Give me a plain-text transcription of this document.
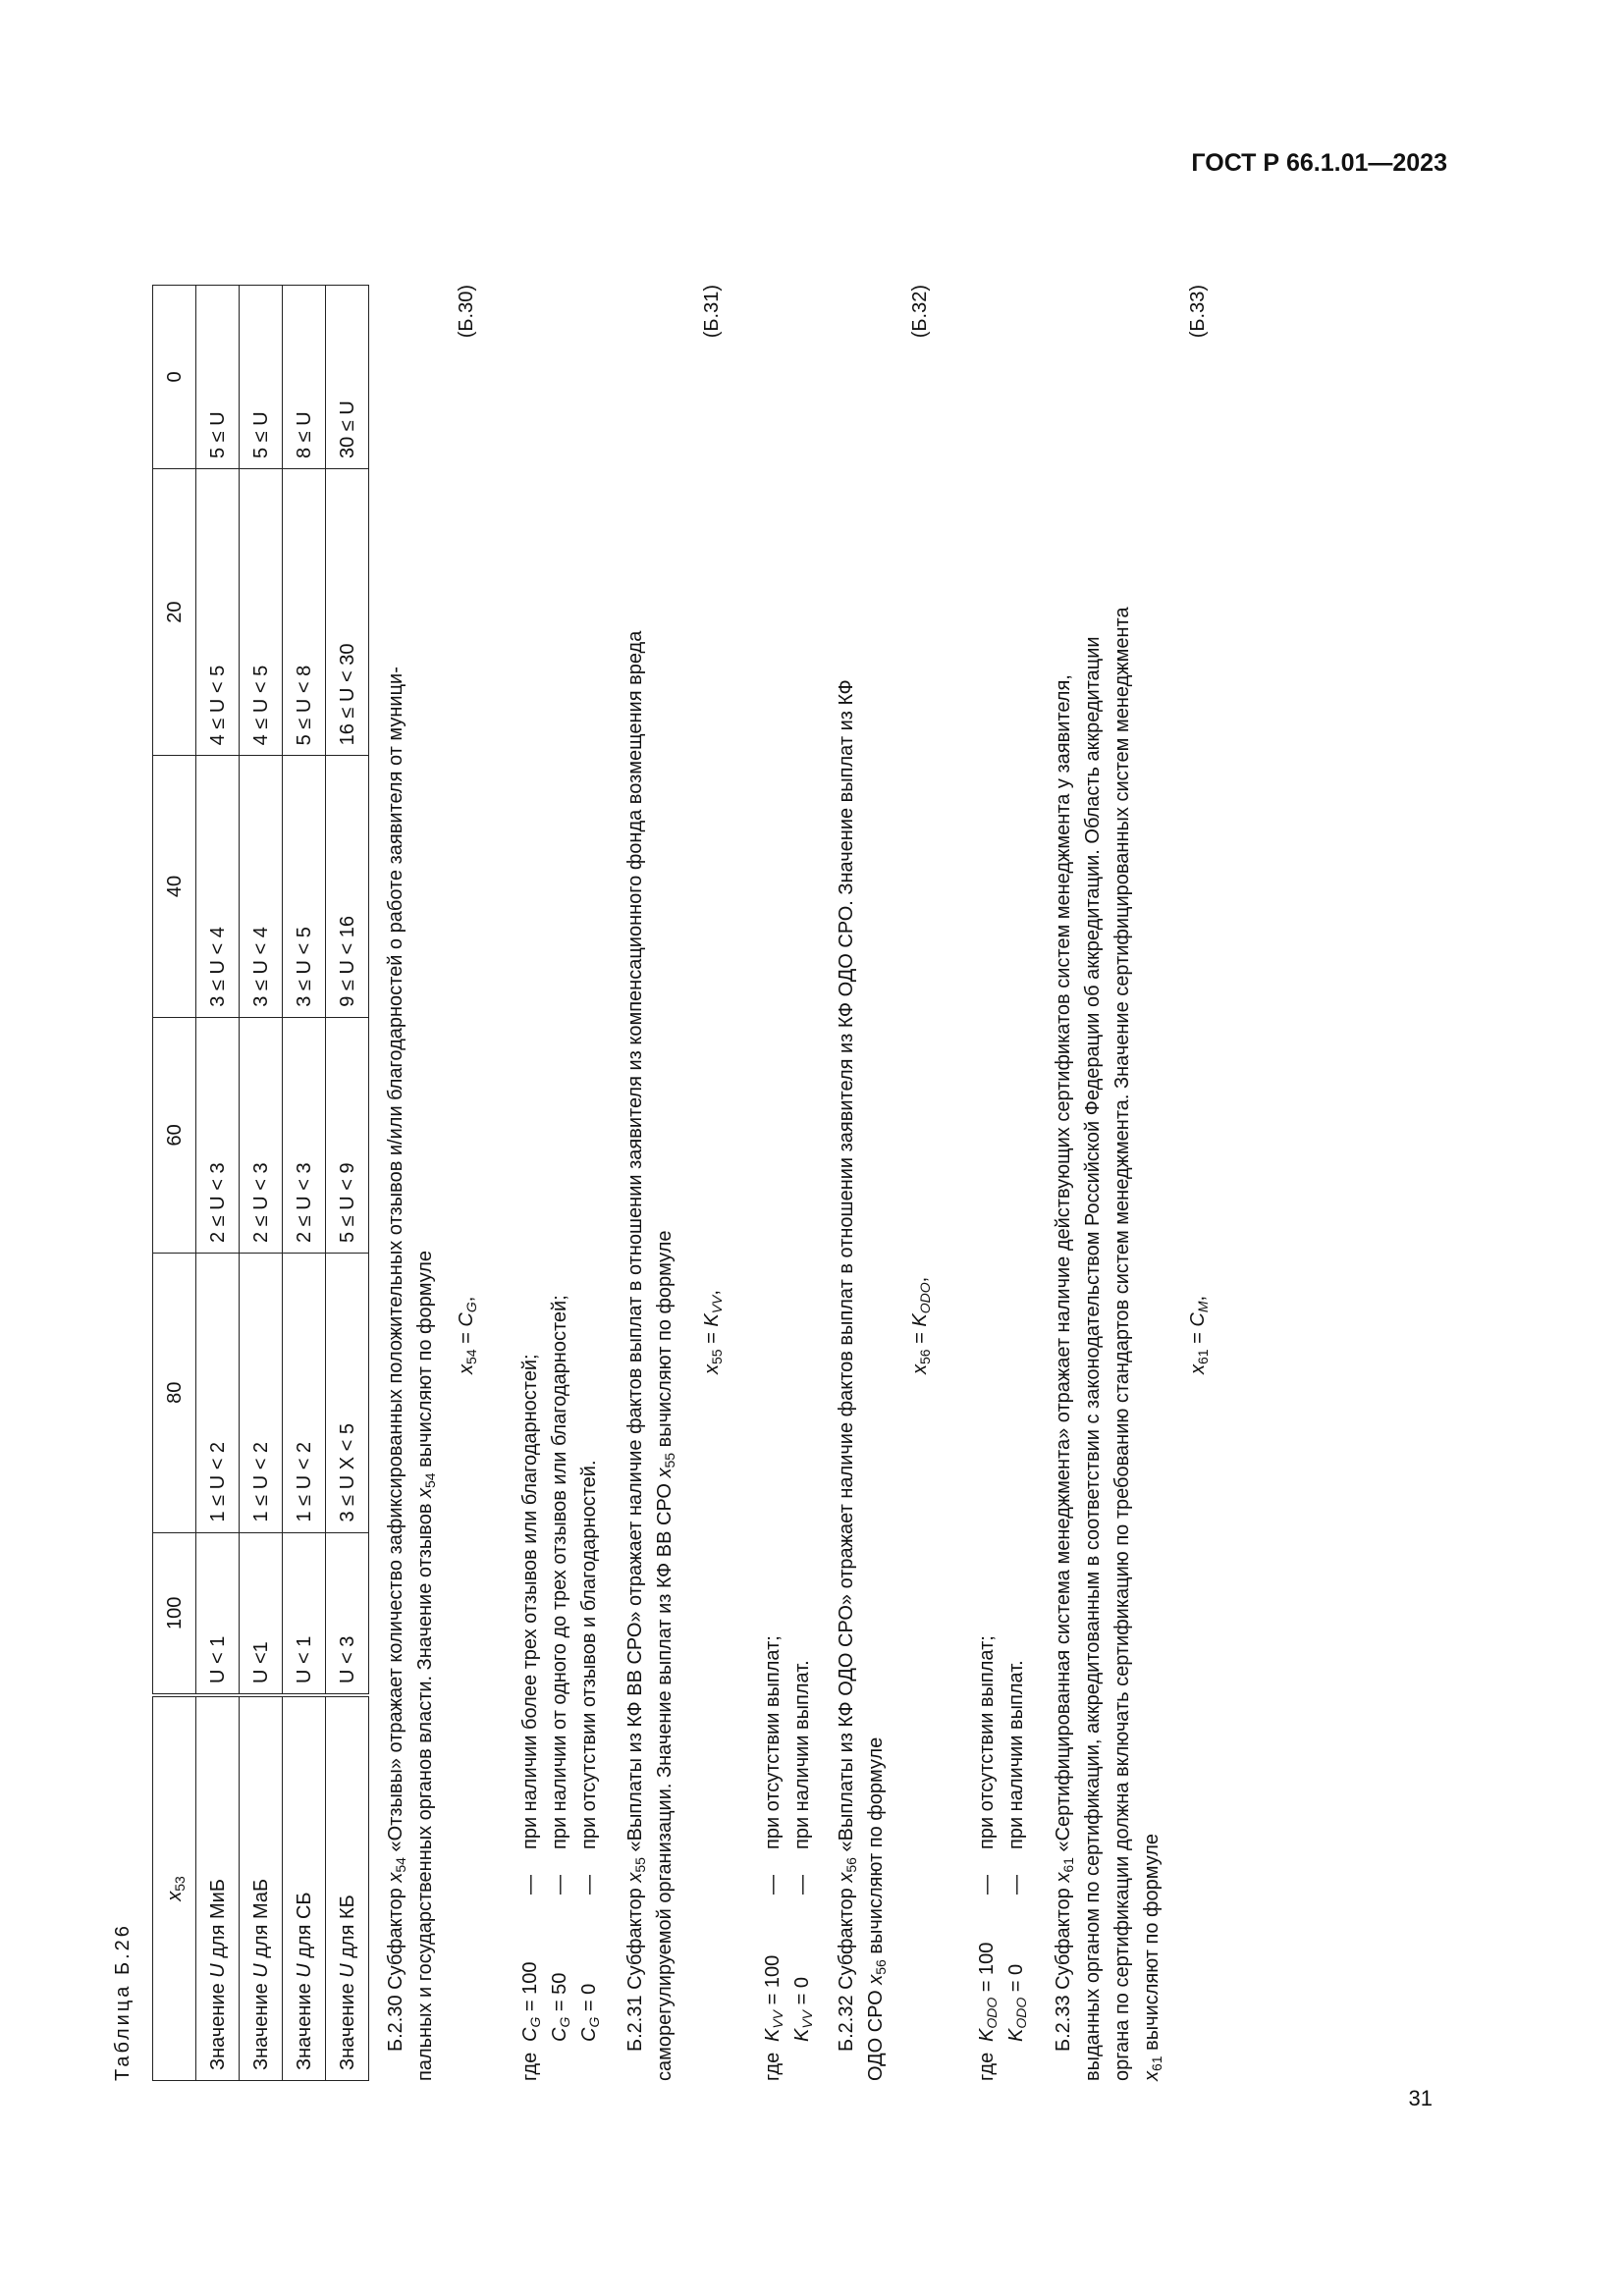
ГОСТ Р 66.1.01—2023
31
Таблица Б.26
$x_{53}$	100	80	60	40	20	0
Значение U для МиБ	U < 1	1 ≤ U < 2	2 ≤ U < 3	3 ≤ U < 4	4 ≤ U < 5	5 ≤ U
Значение U для МаБ	U <1	1 ≤ U < 2	2 ≤ U < 3	3 ≤ U < 4	4 ≤ U < 5	5 ≤ U
Значение U для СБ	U < 1	1 ≤ U < 2	2 ≤ U < 3	3 ≤ U < 5	5 ≤ U < 8	8 ≤ U
Значение U для КБ	U < 3	3 ≤ U X < 5	5 ≤ U < 9	9 ≤ U < 16	16 ≤ U < 30	30 ≤ U
Б.2.30 Субфактор $x_{54}$ «Отзывы» отражает количество зафиксированных положительных отзывов и/или благодарностей о работе заявителя от муници- пальных и государственных органов власти. Значение отзывов $x_{54}$ вычисляют по формуле $x_{54} = C_G$,
(Б.30)
где
$C_G = 100$
—
при наличии более трех отзывов или благодарностей;
$C_G = 50$
—
при наличии от одного до трех отзывов или благодарностей;
$C_G = 0$
—
при отсутствии отзывов и благодарностей.
Б.2.31 Субфактор $x_{55}$ «Выплаты из КФ ВВ СРО» отражает наличие фактов выплат в отношении заявителя из компенсационного фонда возмещения вреда саморегулируемой организации. Значение выплат из КФ ВВ СРО $x_{55}$ вычисляют по формуле $x_{55} = K_{VV}$,
(Б.31)
где
$K_{VV} = 100$
—
при отсутствии выплат;
$K_{VV} = 0$
—
при наличии выплат.
Б.2.32 Субфактор $x_{56}$ «Выплаты из КФ ОДО СРО» отражает наличие фактов выплат в отношении заявителя из КФ ОДО СРО. Значение выплат из КФ
ОДО СРО $x_{56}$ вычисляют по формуле
$x_{56} = K_{ODO}$,
(Б.32)
где
$K_{ODO} = 100$
—
при отсутствии выплат;
$K_{ODO} = 0$
—
при наличии выплат.
Б.2.33 Субфактор $x_{61}$ «Сертифицированная система менеджмента» отражает наличие действующих сертификатов систем менеджмента у заявителя, выданных органом по сертификации, аккредитованным в соответствии с законодательством Российской Федерации об аккредитации. Область аккредитации органа по сертификации должна включать сертификацию по требованию стандартов систем менеджмента. Значение сертифицированных систем менеджмента $x_{61}$ вычисляют по формуле
$x_{61} = C_M$,
(Б.33)
